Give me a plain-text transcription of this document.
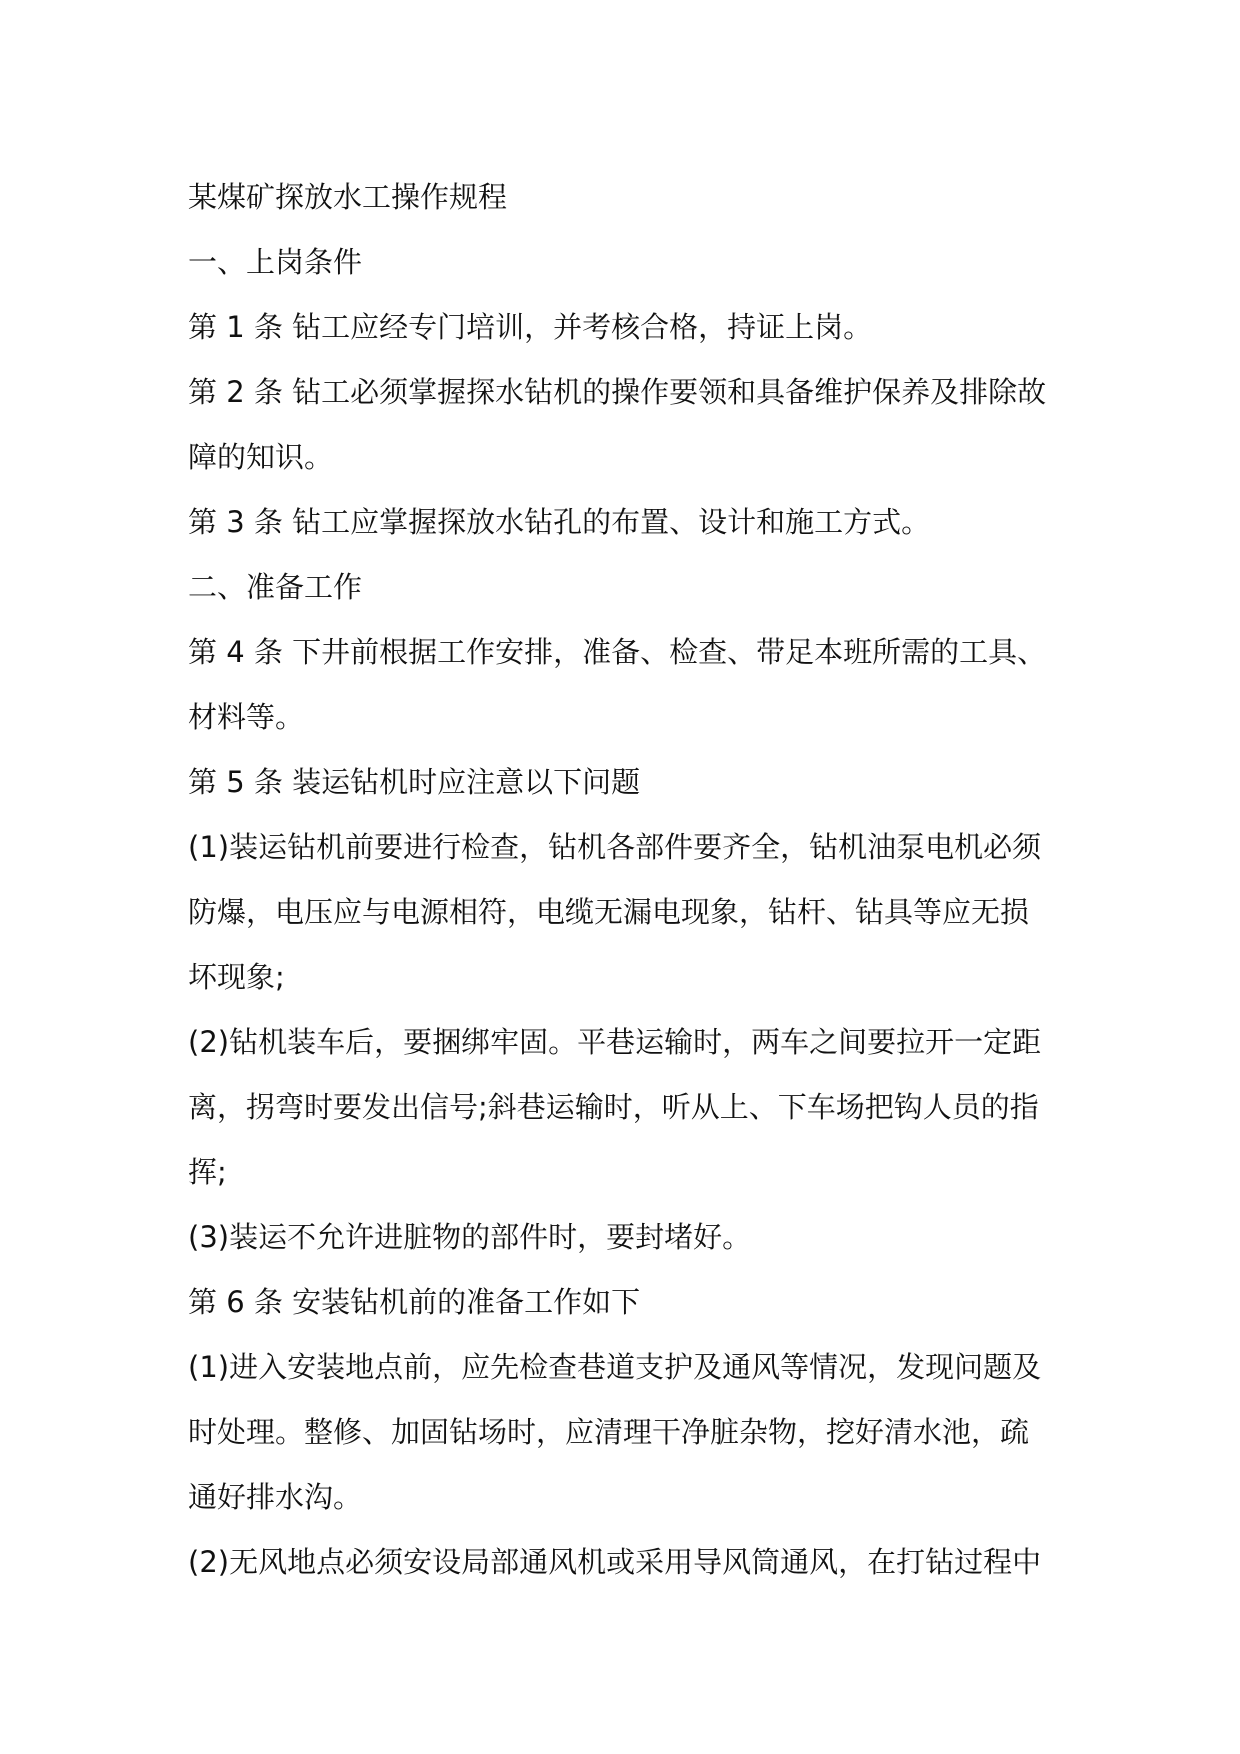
某煤矿探放水工操作规程

一、上岗条件

第 1 条 钻工应经专门培训，并考核合格，持证上岗。

第 2 条 钻工必须掌握探水钻机的操作要领和具备维护保养及排除故

障的知识。

第 3 条 钻工应掌握探放水钻孔的布置、设计和施工方式。

二、准备工作

第 4 条 下井前根据工作安排，准备、检查、带足本班所需的工具、

材料等。

第 5 条 装运钻机时应注意以下问题

(1)装运钻机前要进行检查，钻机各部件要齐全，钻机油泵电机必须

防爆，电压应与电源相符，电缆无漏电现象，钻杆、钻具等应无损

坏现象;

(2)钻机装车后，要捆绑牢固。平巷运输时，两车之间要拉开一定距

离，拐弯时要发出信号;斜巷运输时，听从上、下车场把钩人员的指

挥;

(3)装运不允许进脏物的部件时，要封堵好。

第 6 条 安装钻机前的准备工作如下

(1)进入安装地点前，应先检查巷道支护及通风等情况，发现问题及

时处理。整修、加固钻场时，应清理干净脏杂物，挖好清水池，疏

通好排水沟。

(2)无风地点必须安设局部通风机或采用导风筒通风，在打钻过程中
